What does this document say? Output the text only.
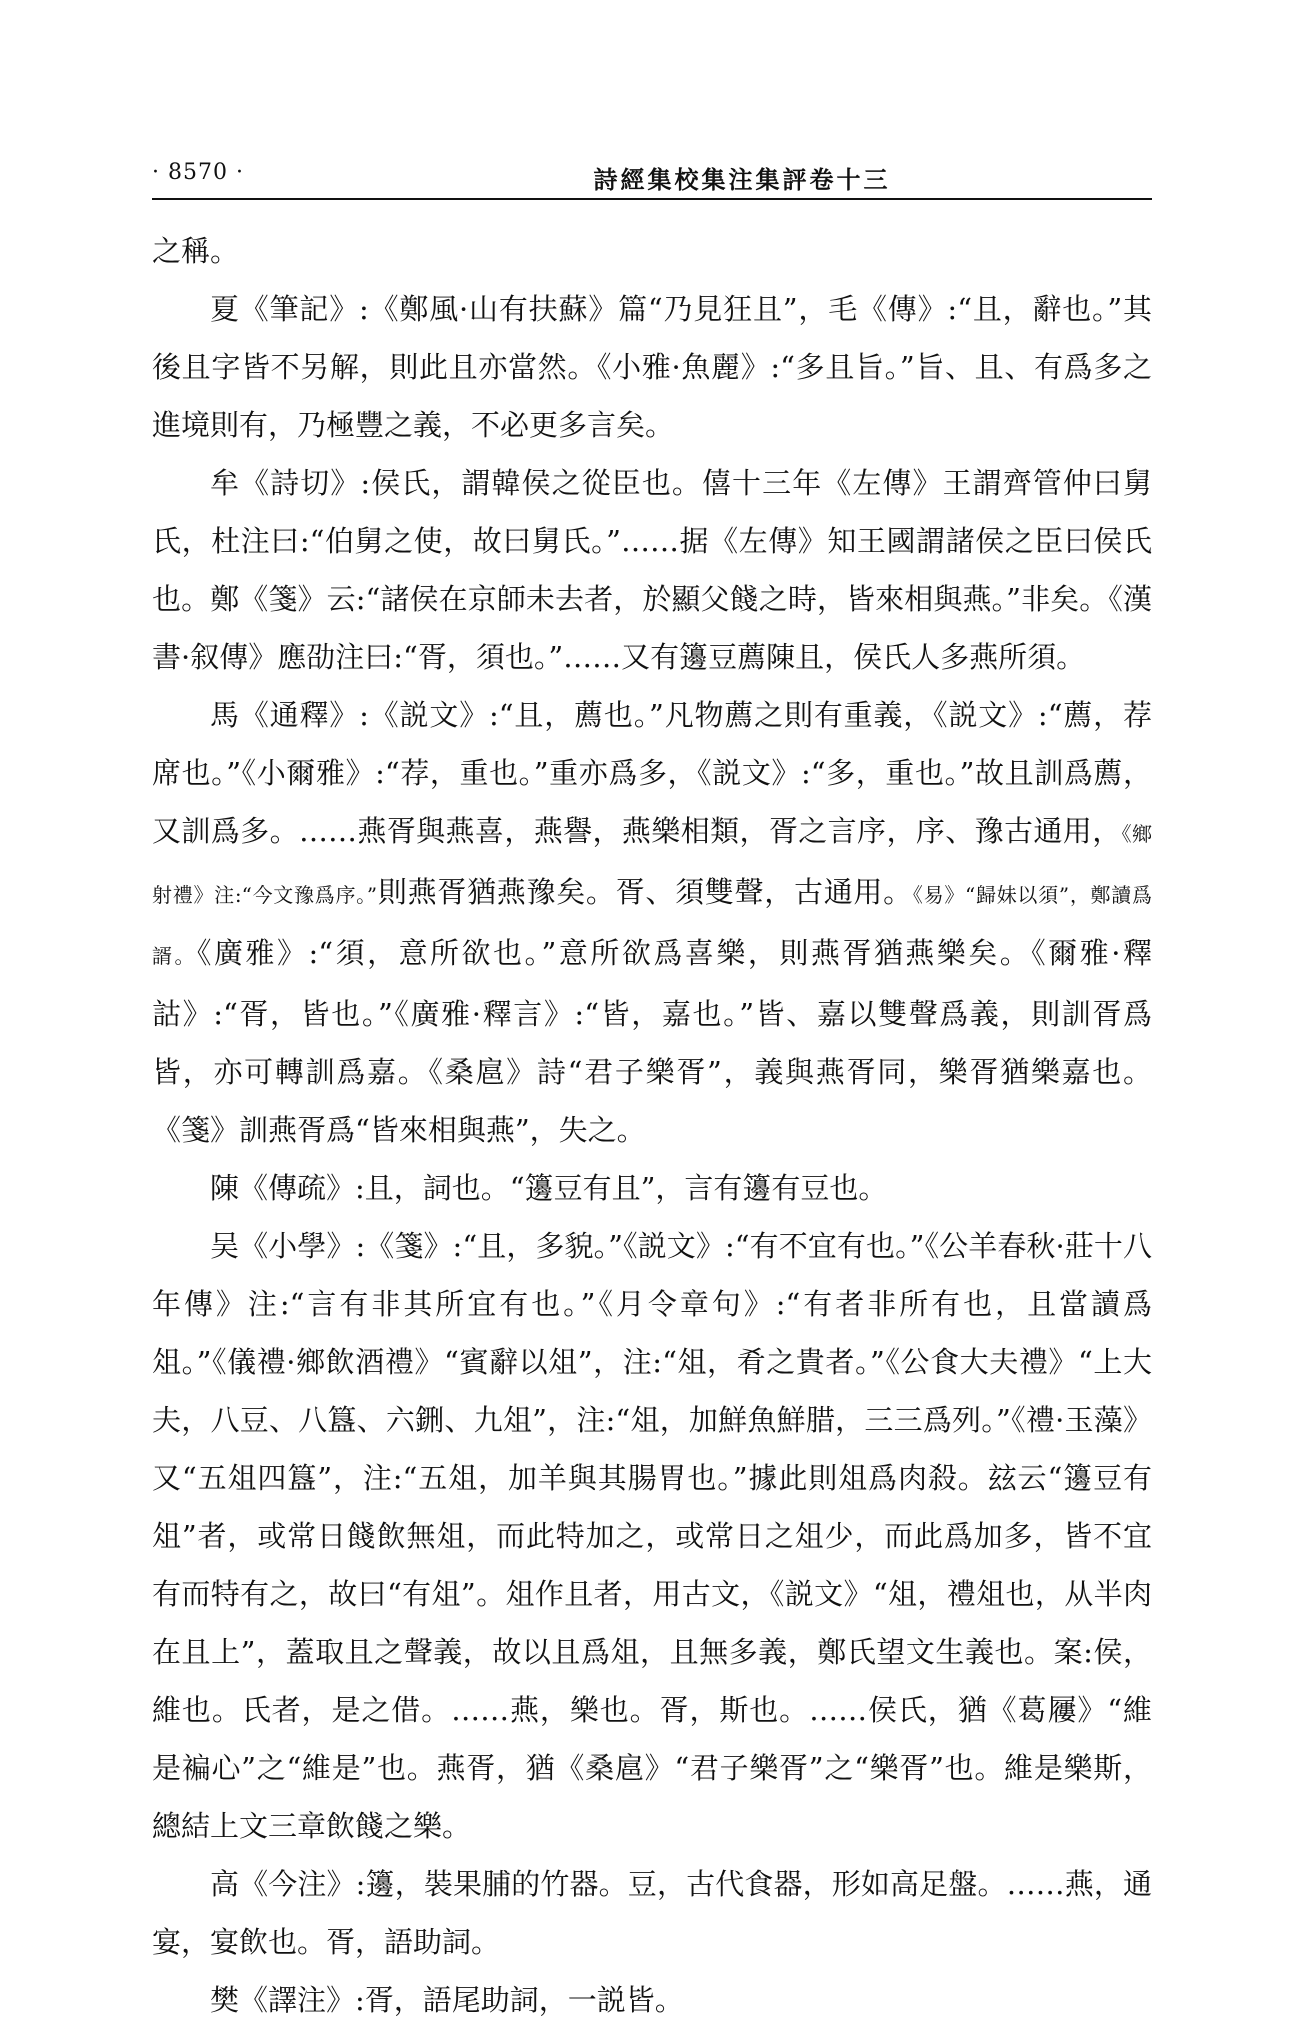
· 8570 ·	詩經集校集注集評卷十三

之稱。

夏《筆記》:《鄭風·山有扶蘇》篇“乃見狂且”，毛《傳》:“且，辭也。”其後且字皆不另解，則此且亦當然。《小雅·魚麗》:“多且旨。”旨、且、有爲多之進境則有，乃極豐之義，不必更多言矣。

牟《詩切》:侯氏，謂韓侯之從臣也。僖十三年《左傳》王謂齊管仲曰舅氏，杜注曰:“伯舅之使，故曰舅氏。”……据《左傳》知王國謂諸侯之臣曰侯氏也。鄭《箋》云:“諸侯在京師未去者，於顯父餞之時，皆來相與燕。”非矣。《漢書·叙傳》應劭注曰:“胥，須也。”……又有籩豆薦陳且，侯氏人多燕所須。

馬《通釋》:《説文》:“且，薦也。”凡物薦之則有重義，《説文》:“薦，荐席也。”《小爾雅》:“荐，重也。”重亦爲多，《説文》:“多，重也。”故且訓爲薦，又訓爲多。……燕胥與燕喜，燕譽，燕樂相類，胥之言序，序、豫古通用，《鄉射禮》注:“今文豫爲序。”則燕胥猶燕豫矣。胥、須雙聲，古通用。《易》“歸妹以須”，鄭讀爲諝。《廣雅》:“須，意所欲也。”意所欲爲喜樂，則燕胥猶燕樂矣。《爾雅·釋詁》:“胥，皆也。”《廣雅·釋言》:“皆，嘉也。”皆、嘉以雙聲爲義，則訓胥爲皆，亦可轉訓爲嘉。《桑扈》詩“君子樂胥”，義與燕胥同，樂胥猶樂嘉也。《箋》訓燕胥爲“皆來相與燕”，失之。

陳《傳疏》:且，詞也。“籩豆有且”，言有籩有豆也。

吴《小學》:《箋》:“且，多貌。”《説文》:“有不宜有也。”《公羊春秋·莊十八年傳》注:“言有非其所宜有也。”《月令章句》:“有者非所有也，且當讀爲俎。”《儀禮·鄉飲酒禮》“賓辭以俎”，注:“俎，肴之貴者。”《公食大夫禮》“上大夫，八豆、八簋、六鉶、九俎”，注:“俎，加鮮魚鮮腊，三三爲列。”《禮·玉藻》又“五俎四簋”，注:“五俎，加羊與其腸胃也。”據此則俎爲肉殺。玆云“籩豆有俎”者，或常日餞飲無俎，而此特加之，或常日之俎少，而此爲加多，皆不宜有而特有之，故曰“有俎”。俎作且者，用古文，《説文》“俎，禮俎也，从半肉在且上”，蓋取且之聲義，故以且爲俎，且無多義，鄭氏望文生義也。案:侯，維也。氏者，是之借。……燕，樂也。胥，斯也。……侯氏，猶《葛屨》“維是褊心”之“維是”也。燕胥，猶《桑扈》“君子樂胥”之“樂胥”也。維是樂斯，總結上文三章飲餞之樂。

高《今注》:籩，裝果脯的竹器。豆，古代食器，形如高足盤。……燕，通宴，宴飲也。胥，語助詞。

樊《譯注》:胥，語尾助詞，一説皆。
